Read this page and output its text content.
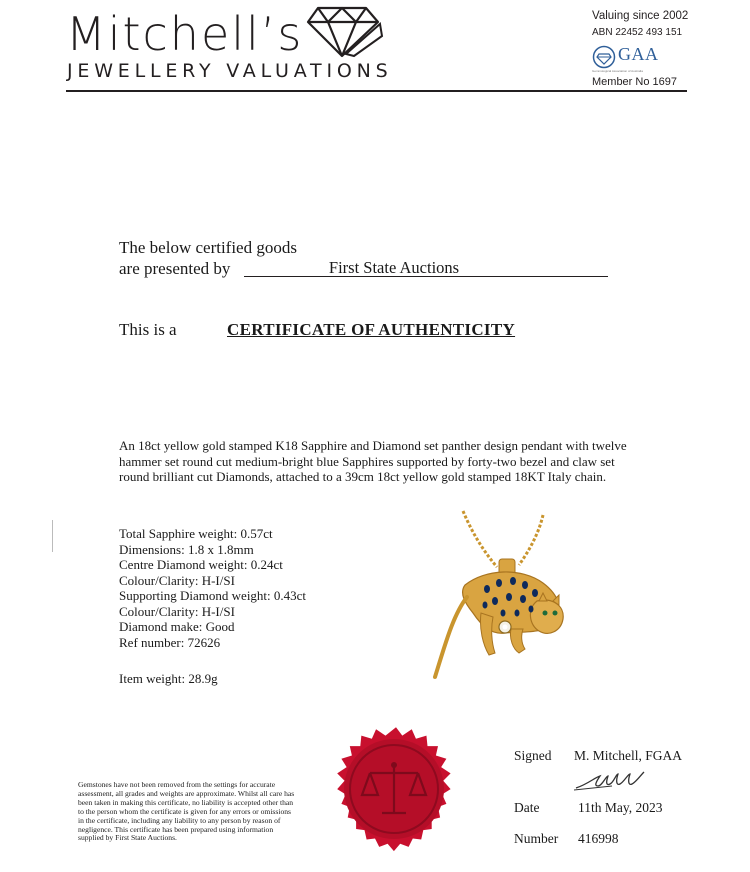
Mitchell’s
JEWELLERY VALUATIONS
Valuing since 2002
ABN 22452 493 151
GAA
Gemmological Association of Australia
Member No 1697
The below certified goods
are presented by	First State Auctions
This is a	CERTIFICATE OF AUTHENTICITY
An 18ct yellow gold stamped K18 Sapphire and Diamond set panther design pendant with twelve hammer set round cut medium-bright blue Sapphires supported by forty-two bezel and claw set round brilliant cut Diamonds, attached to a 39cm 18ct yellow gold stamped 18KT Italy chain.
Total Sapphire weight: 0.57ct
Dimensions: 1.8 x 1.8mm
Centre Diamond weight: 0.24ct
Colour/Clarity: H-I/SI
Supporting Diamond weight: 0.43ct
Colour/Clarity: H-I/SI
Diamond make: Good
Ref number: 72626
Item weight: 28.9g
Gemstones have not been removed from the settings for accurate assessment, all grades and weights are approximate. Whilst all care has been taken in making this certificate, no liability is accepted other than to the person whom the certificate is given for any errors or omissions in the certificate, including any liability to any person by reason of negligence. This certificate has been prepared using information supplied by First State Auctions.
Signed M. Mitchell, FGAA
Date	11th May, 2023
Number 416998
